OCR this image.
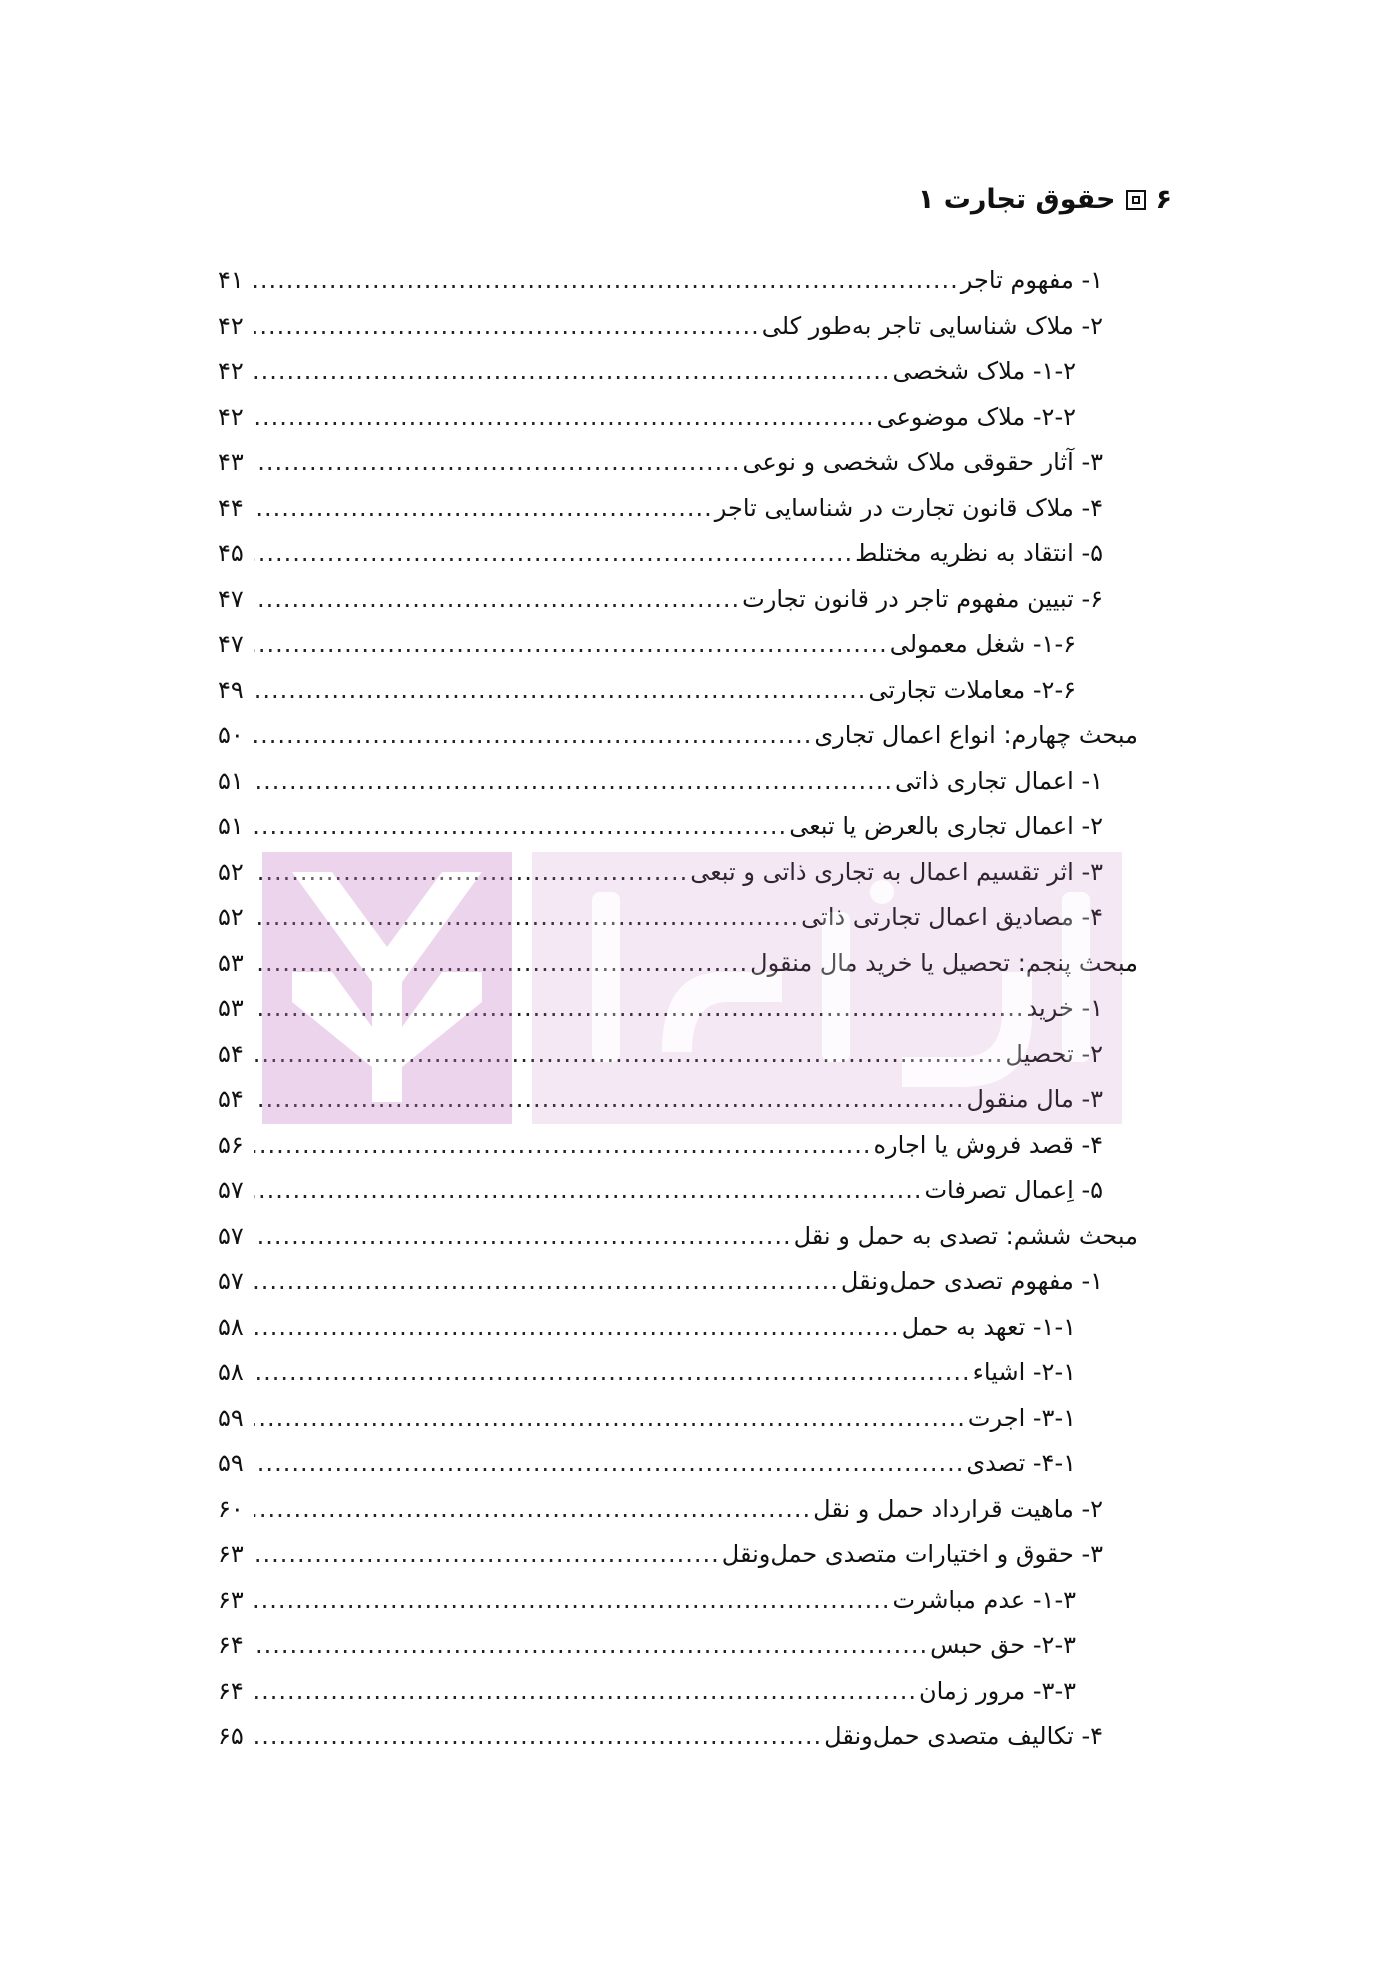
۶
حقوق تجارت ۱
۱- مفهوم تاجر
.....
۴۱
۲- ملاک شناسایی تاجر به‌طور کلی
.....
۴۲
۱-۲- ملاک شخصی
.....
۴۲
۲-۲- ملاک موضوعی
.....
۴۲
۳- آثار حقوقی ملاک شخصی و نوعی
.....
۴۳
۴- ملاک قانون تجارت در شناسایی تاجر
.....
۴۴
۵- انتقاد به نظریه مختلط
.....
۴۵
۶- تبیین مفهوم تاجر در قانون تجارت
.....
۴۷
۱-۶- شغل معمولی
.....
۴۷
۲-۶- معاملات تجارتی
.....
۴۹
مبحث چهارم: انواع اعمال تجاری
.....
۵۰
۱- اعمال تجاری ذاتی
.....
۵۱
۲- اعمال تجاری بالعرض یا تبعی
.....
۵۱
۳- اثر تقسیم اعمال به تجاری ذاتی و تبعی
.....
۵۲
۴- مصادیق اعمال تجارتی ذاتی
.....
۵۲
مبحث پنجم: تحصیل یا خرید مال منقول
.....
۵۳
۱- خرید
.....
۵۳
۲- تحصیل
.....
۵۴
۳- مال منقول
.....
۵۴
۴- قصد فروش یا اجاره
.....
۵۶
۵- اِعمال تصرفات
.....
۵۷
مبحث ششم: تصدی به حمل و نقل
.....
۵۷
۱- مفهوم تصدی حمل‌ونقل
.....
۵۷
۱-۱- تعهد به حمل
.....
۵۸
۲-۱- اشیاء
.....
۵۸
۳-۱- اجرت
.....
۵۹
۴-۱- تصدی
.....
۵۹
۲- ماهیت قرارداد حمل و نقل
.....
۶۰
۳- حقوق و اختیارات متصدی حمل‌ونقل
.....
۶۳
۱-۳- عدم مباشرت
.....
۶۳
۲-۳- حق حبس
.....
۶۴
۳-۳- مرور زمان
.....
۶۴
۴- تکالیف متصدی حمل‌ونقل
.....
۶۵
